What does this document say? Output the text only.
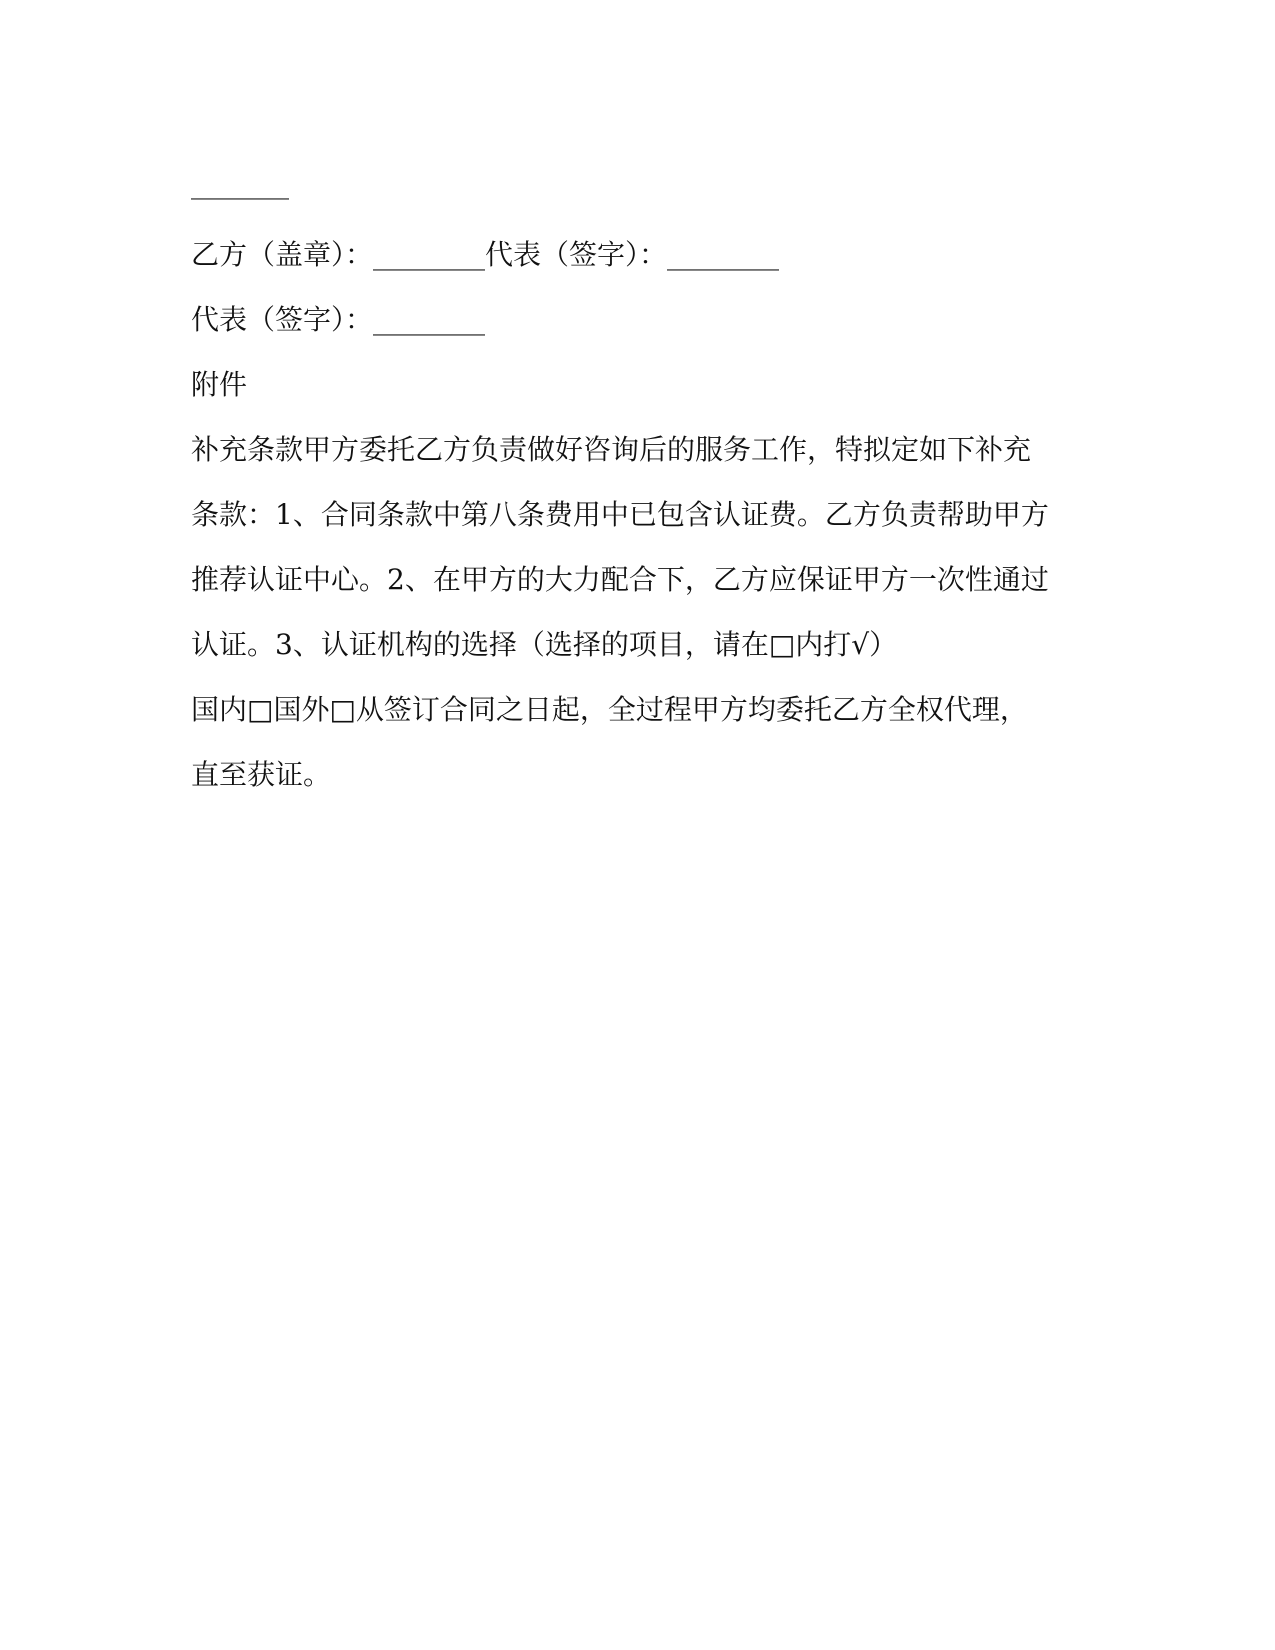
_______
乙方（盖章）：________代表（签字）：________
代表（签字）：________
附件
补充条款甲方委托乙方负责做好咨询后的服务工作，特拟定如下补充
条款：1、合同条款中第八条费用中已包含认证费。乙方负责帮助甲方
推荐认证中心。2、在甲方的大力配合下，乙方应保证甲方一次性通过
认证。3、认证机构的选择（选择的项目，请在□内打√）
国内□国外□从签订合同之日起，全过程甲方均委托乙方全权代理，
直至获证。
